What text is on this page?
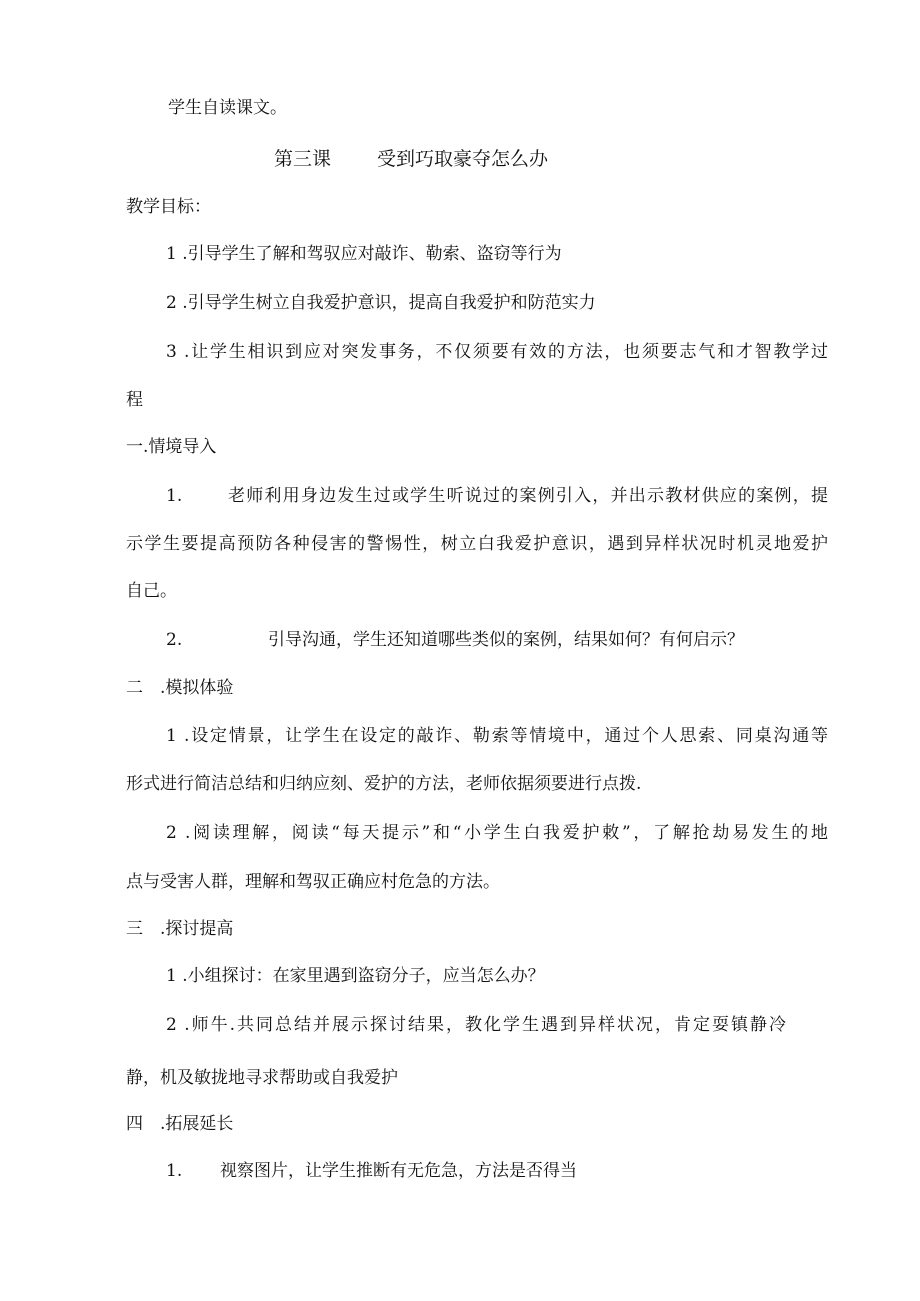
学生自读课文。
第三课 受到巧取豪夺怎么办
教学目标：
1 .引导学生了解和驾驭应对敲诈、勒索、盗窃等行为
2 .引导学生树立自我爱护意识，提高自我爱护和防范实力
3 .让学生相识到应对突发事务，不仅须要有效的方法，也须要志气和才智教学过
程
一.情境导入
1.	老师利用身边发生过或学生听说过的案例引入，并出示教材供应的案例，提
示学生要提高预防各种侵害的警惕性，树立白我爱护意识，遇到异样状况时机灵地爱护
自己。
2.	引导沟通，学生还知道哪些类似的案例，结果如何？有何启示？
二　.模拟体验
1 .设定情景，让学生在设定的敲诈、勒索等情境中，通过个人思索、同桌沟通等
形式进行简洁总结和归纳应刻、爱护的方法，老师依据须要进行点拨.
2 .阅读理解，阅读“每天提示”和“小学生白我爱护敕”，了解抢劫易发生的地
点与受害人群，理解和驾驭正确应村危急的方法。
三　.探讨提高
1 .小组探讨：在家里遇到盗窃分子，应当怎么办？
2 .师牛.共同总结并展示探讨结果，教化学生遇到异样状况，肯定耍镇静冷
静，机及敏拢地寻求帮助或自我爱护
四　.拓展延长
1. 视察图片，让学生推断有无危急，方法是否得当
